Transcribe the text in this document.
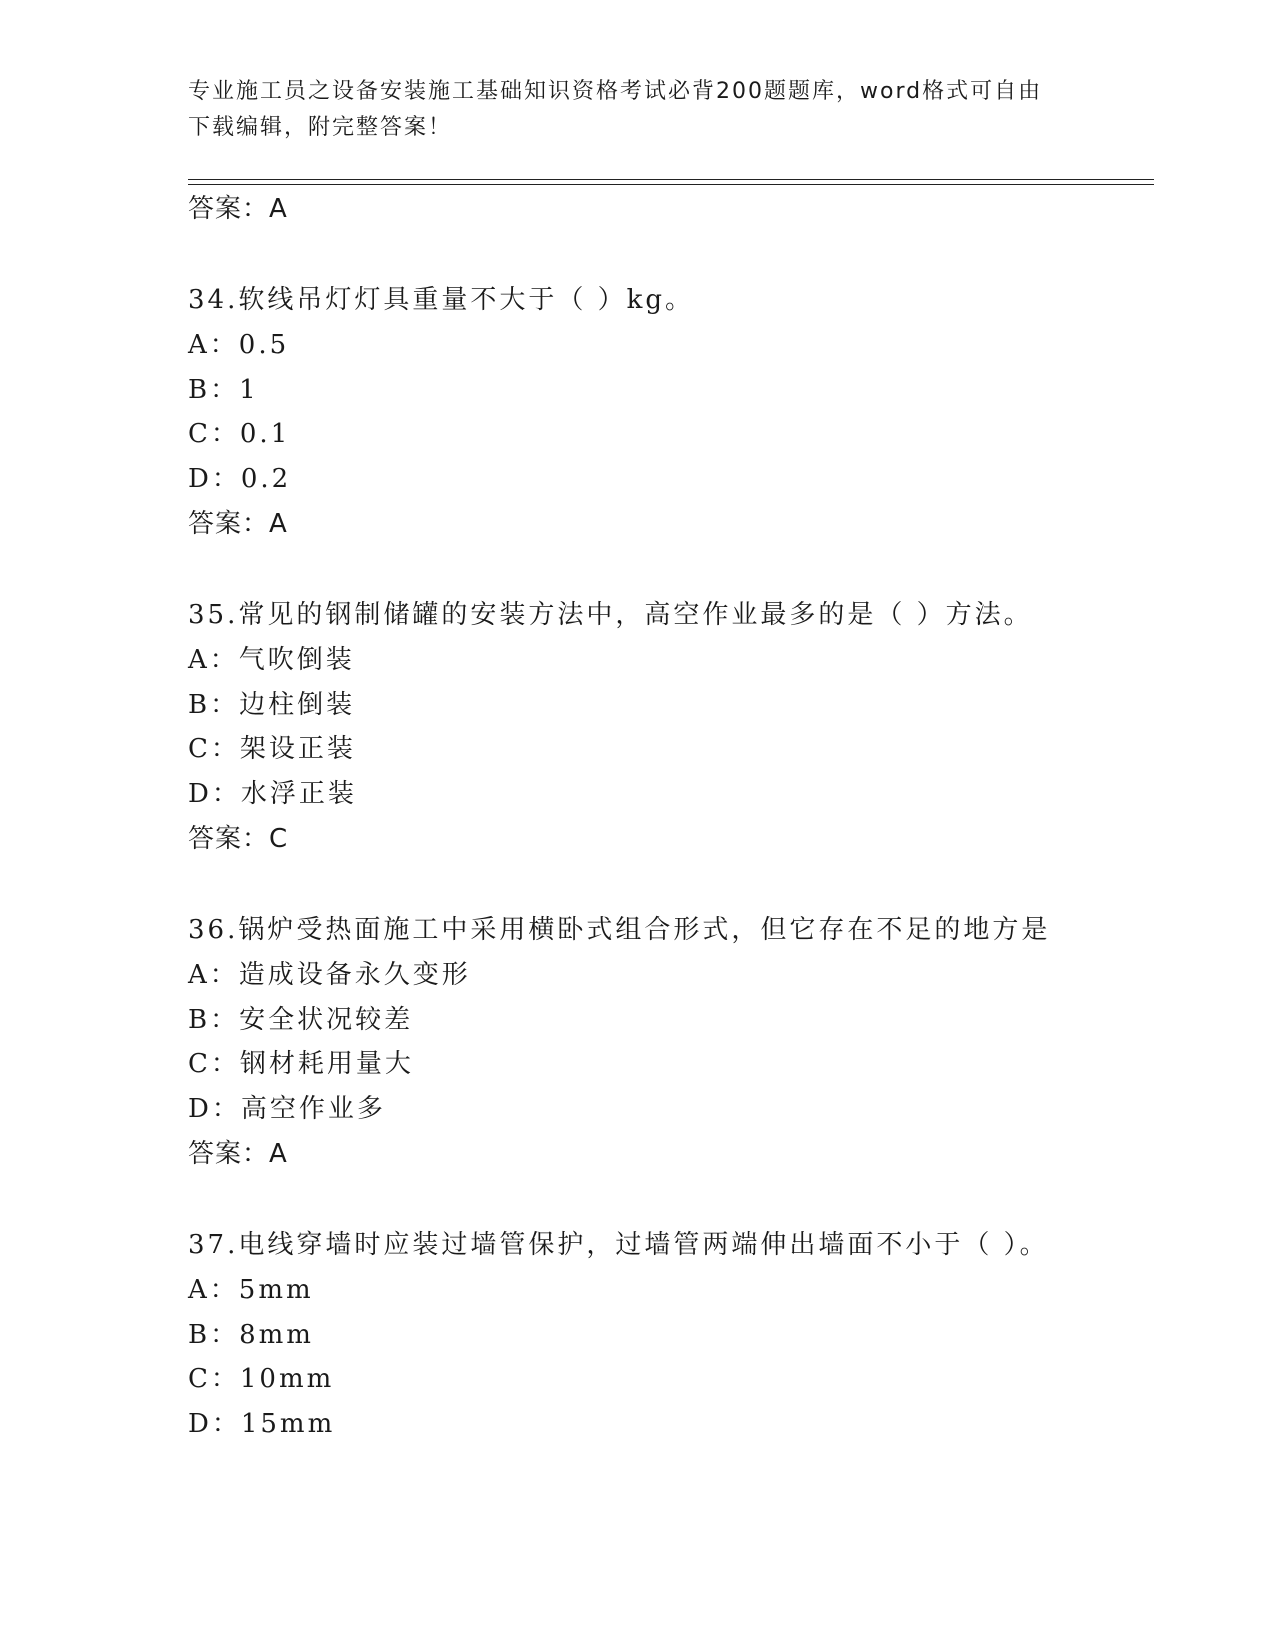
专业施工员之设备安装施工基础知识资格考试必背200题题库，word格式可自由
下载编辑，附完整答案！
答案：A
34.软线吊灯灯具重量不大于（ ）kg。
A：0.5
B：1
C：0.1
D：0.2
答案：A
35.常见的钢制储罐的安装方法中，高空作业最多的是（ ）方法。
A：气吹倒装
B：边柱倒装
C：架设正装
D：水浮正装
答案：C
36.锅炉受热面施工中采用横卧式组合形式，但它存在不足的地方是
A：造成设备永久变形
B：安全状况较差
C：钢材耗用量大
D：高空作业多
答案：A
37.电线穿墙时应装过墙管保护，过墙管两端伸出墙面不小于（ ）。
A：5mm
B：8mm
C：10mm
D：15mm
